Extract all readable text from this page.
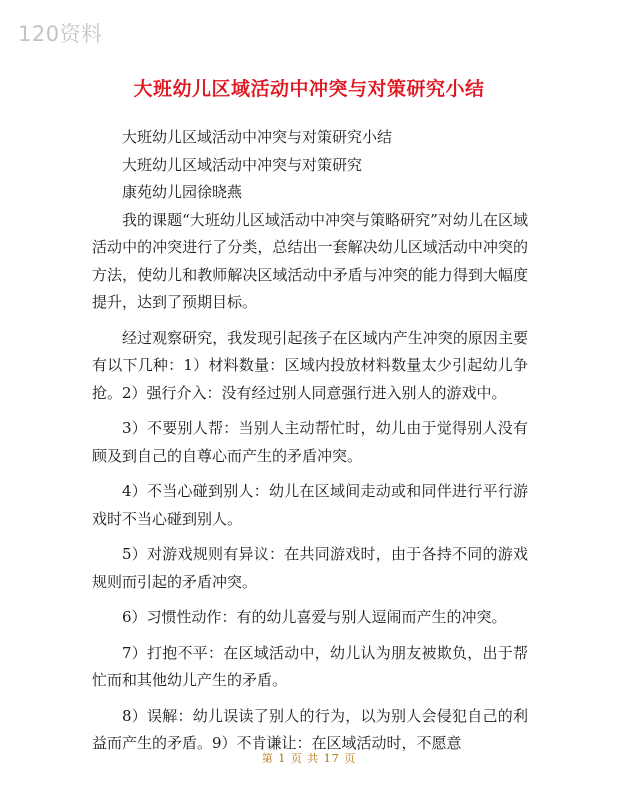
120资料
大班幼儿区域活动中冲突与对策研究小结

大班幼儿区域活动中冲突与对策研究小结

大班幼儿区域活动中冲突与对策研究

康苑幼儿园徐晓燕

我的课题“大班幼儿区域活动中冲突与策略研究”对幼儿在区域活动中的冲突进行了分类，总结出一套解决幼儿区域活动中冲突的方法，使幼儿和教师解决区域活动中矛盾与冲突的能力得到大幅度提升，达到了预期目标。

经过观察研究，我发现引起孩子在区域内产生冲突的原因主要有以下几种：1）材料数量：区域内投放材料数量太少引起幼儿争抢。2）强行介入：没有经过别人同意强行进入别人的游戏中。

3）不要别人帮：当别人主动帮忙时，幼儿由于觉得别人没有顾及到自己的自尊心而产生的矛盾冲突。

4）不当心碰到别人：幼儿在区域间走动或和同伴进行平行游戏时不当心碰到别人。

5）对游戏规则有异议：在共同游戏时，由于各持不同的游戏规则而引起的矛盾冲突。

6）习惯性动作：有的幼儿喜爱与别人逗闹而产生的冲突。

7）打抱不平：在区域活动中，幼儿认为朋友被欺负，出于帮忙而和其他幼儿产生的矛盾。

8）误解：幼儿误读了别人的行为，以为别人会侵犯自己的利益而产生的矛盾。9）不肯谦让：在区域活动时，不愿意

第 1 页 共 17 页
